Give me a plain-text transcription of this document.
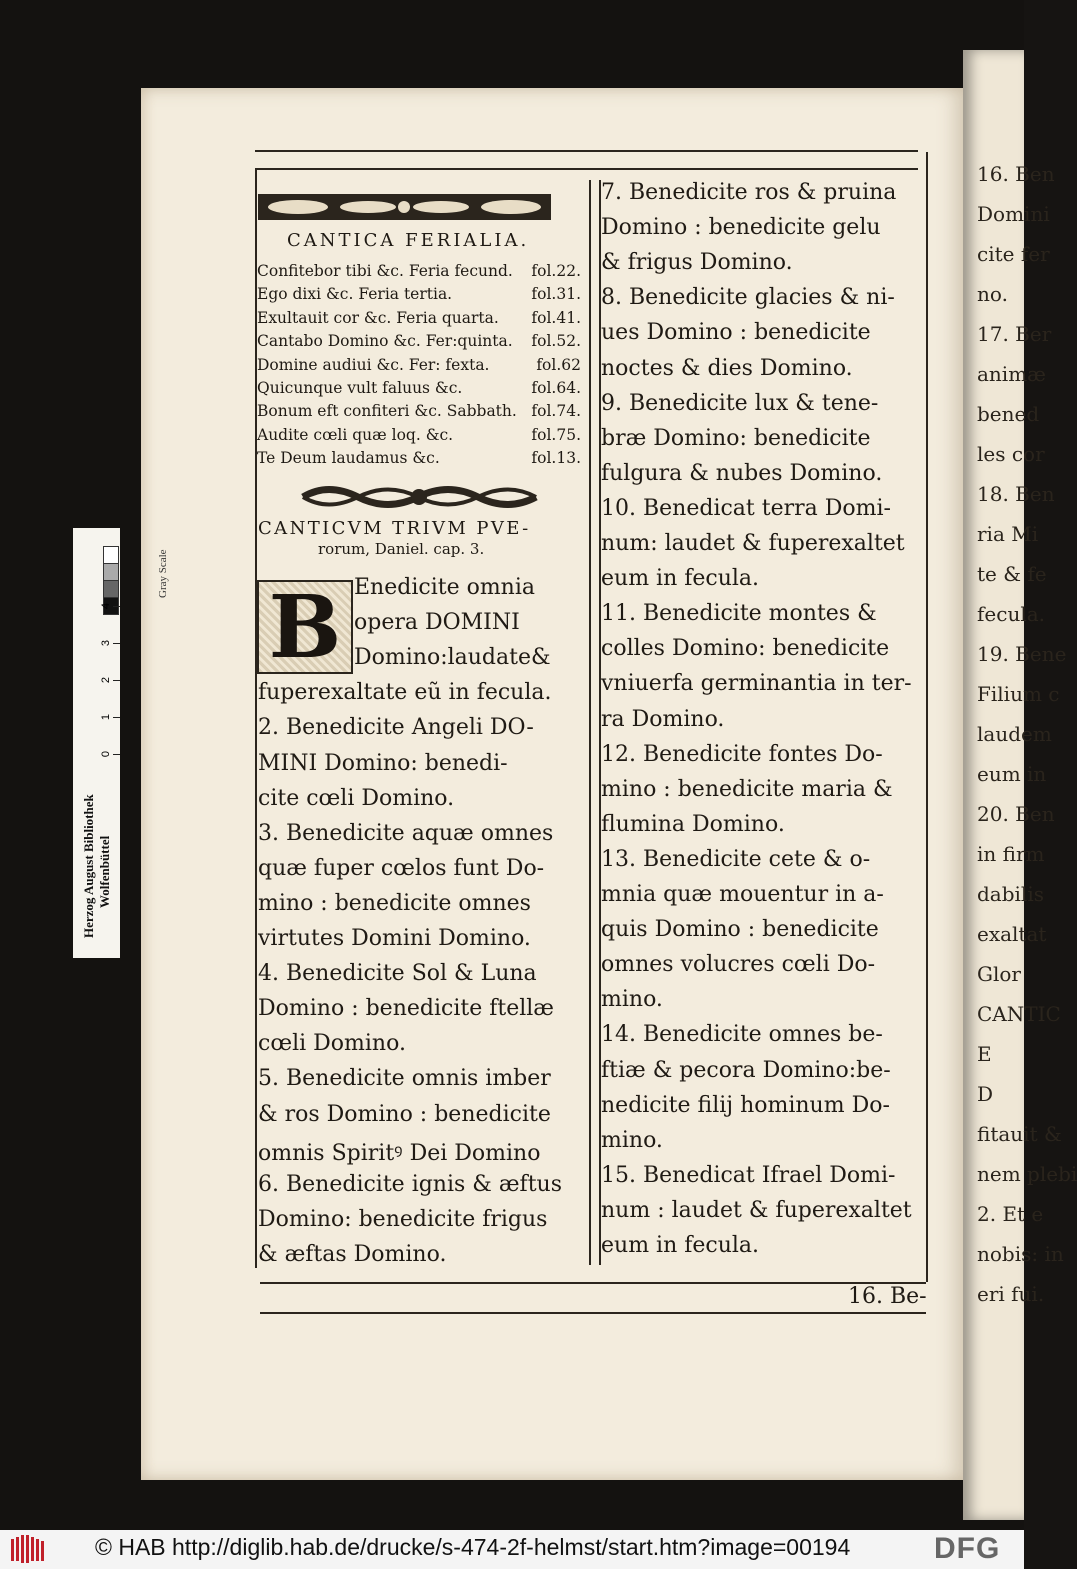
16. Ben
Domini
cite fer
no.
17. Ber
animæ
bened
les cor
18. Ben
ria Mi
te & fe
fecula.
19. Bene
Filium c
laudem
eum in
20. Ben
in firm
dabilis
exaltat
Glor
CANTIC
E
D
fitauit &
nem plebi
2. Et e
nobis: in
eri fui.
CANTICA FERIALIA.
Confitebor tibi &c. Feria fecund. fol.22.
Ego dixi &c. Feria tertia.	fol.31.
Exultauit cor &c. Feria quarta. fol.41.
Cantabo Domino &c. Fer:quinta. fol.52.
Domine audiui &c. Fer: fexta.	fol.62
Quicunque vult faluus &c.	fol.64.
Bonum eft confiteri &c. Sabbath. fol.74.
Audite cœli quæ loq. &c.	fol.75.
Te Deum laudamus &c.	fol.13.
CANTICVM TRIVM PVE-
rorum, Daniel. cap. 3.
B Enedicite omnia
opera DOMINI
Domino:laudate&
fuperexaltate eũ in fecula.
2. Benedicite Angeli DO-
MINI Domino: benedi-
cite cœli Domino.
3. Benedicite aquæ omnes
quæ fuper cœlos funt Do-
mino : benedicite omnes
virtutes Domini Domino.
4. Benedicite Sol & Luna
Domino : benedicite ftellæ
cœli Domino.
5. Benedicite omnis imber
& ros Domino : benedicite
omnis Spiritꝰ Dei Domino
6. Benedicite ignis & æftus
Domino: benedicite frigus
& æftas Domino.
7. Benedicite ros & pruina
Domino : benedicite gelu
& frigus Domino.
8. Benedicite glacies & ni-
ues Domino : benedicite
noctes & dies Domino.
9. Benedicite lux & tene-
bræ Domino: benedicite
fulgura & nubes Domino.
10. Benedicat terra Domi-
num: laudet & fuperexaltet
eum in fecula.
11. Benedicite montes &
colles Domino: benedicite
vniuerfa germinantia in ter-
ra Domino.
12. Benedicite fontes Do-
mino : benedicite maria &
flumina Domino.
13. Benedicite cete & o-
mnia quæ mouentur in a-
quis Domino : benedicite
omnes volucres cœli Do-
mino.
14. Benedicite omnes be-
ftiæ & pecora Domino:be-
nedicite filij hominum Do-
mino.
15. Benedicat Ifrael Domi-
num : laudet & fuperexaltet
eum in fecula.
16. Be-
Herzog August Bibliothek Wolfenbüttel
Gray Scale
0
1
2
3
4
© HAB http://diglib.hab.de/drucke/s-474-2f-helmst/start.htm?image=00194	DFG
